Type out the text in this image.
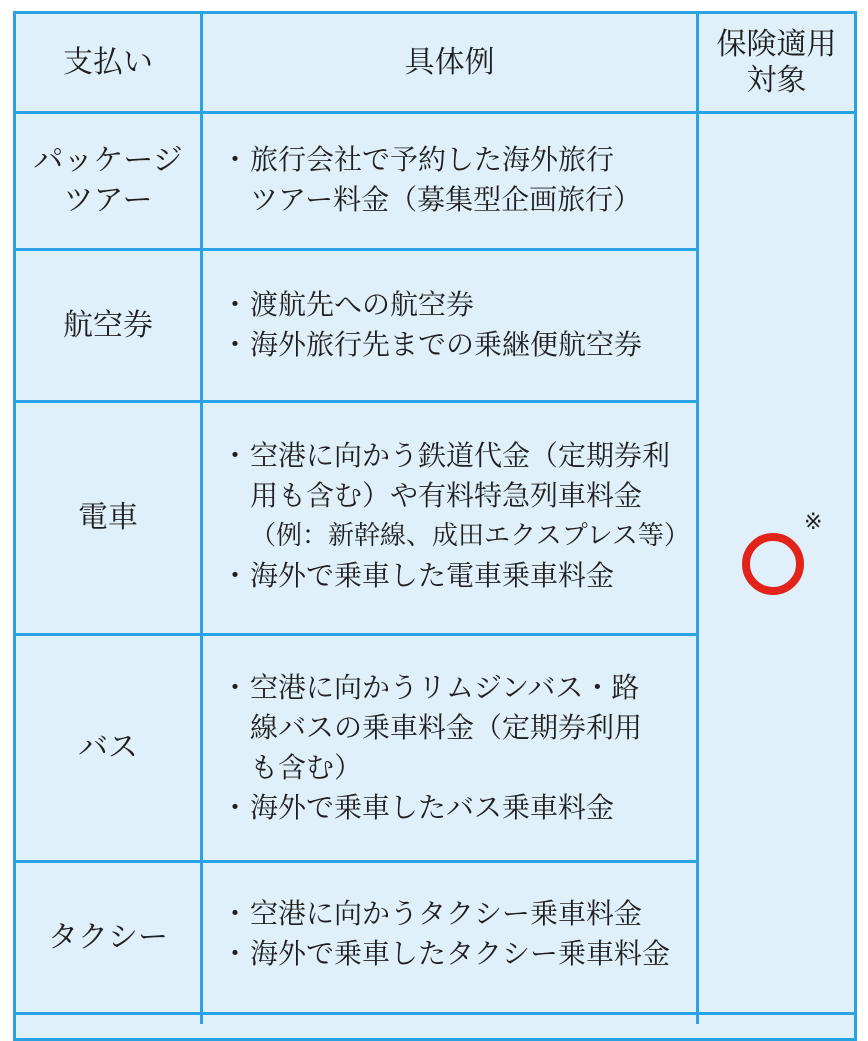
支払い	具体例
保険適用
対象
パッケージ
ツアー
・ 旅行会社で予約した海外旅行
ツアー料金（募集型企画旅行）
航空券
・ 渡航先への航空券
・ 海外旅行先までの乗継便航空券
電車
・ 空港に向かう鉄道代金（定期券利
用も含む）や有料特急列車料金
（例：新幹線、成田エクスプレス等）
・ 海外で乗車した電車乗車料金
バス
・ 空港に向かうリムジンバス・路
線バスの乗車料金（定期券利用
も含む）
・ 海外で乗車したバス乗車料金
タクシー
・ 空港に向かうタクシー乗車料金
・ 海外で乗車したタクシー乗車料金
※
